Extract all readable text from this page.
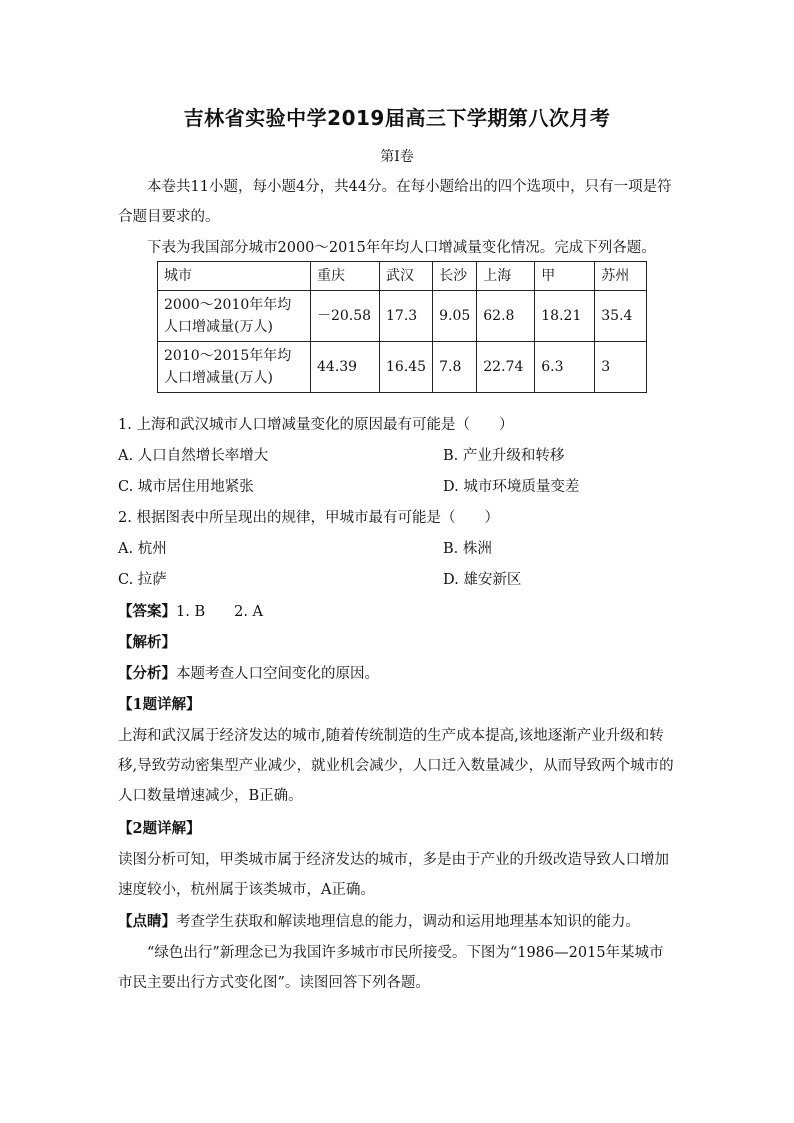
吉林省实验中学2019届高三下学期第八次月考
第I卷
本卷共11小题，每小题4分，共44分。在每小题给出的四个选项中，只有一项是符合题目要求的。
下表为我国部分城市2000～2015年年均人口增减量变化情况。完成下列各题。
城市	重庆	武汉	长沙	上海	甲	苏州
2000～2010年年均人口增减量(万人)	－20.58	17.3	9.05	62.8	18.21	35.4
2010～2015年年均人口增减量(万人)	44.39	16.45	7.8	22.74	6.3	3
1. 上海和武汉城市人口增减量变化的原因最有可能是（　　）
A. 人口自然增长率增大	B. 产业升级和转移
C. 城市居住用地紧张	D. 城市环境质量变差
2. 根据图表中所呈现出的规律，甲城市最有可能是（　　）
A. 杭州	B. 株洲
C. 拉萨	D. 雄安新区
【答案】1. B　　2. A
【解析】
【分析】本题考查人口空间变化的原因。
【1题详解】
上海和武汉属于经济发达的城市,随着传统制造的生产成本提高,该地逐渐产业升级和转移,导致劳动密集型产业减少，就业机会减少，人口迁入数量减少，从而导致两个城市的人口数量增速减少，B正确。
【2题详解】
读图分析可知，甲类城市属于经济发达的城市，多是由于产业的升级改造导致人口增加速度较小，杭州属于该类城市，A正确。
【点睛】考查学生获取和解读地理信息的能力，调动和运用地理基本知识的能力。
“绿色出行”新理念已为我国许多城市市民所接受。下图为“1986—2015年某城市市民主要出行方式变化图”。读图回答下列各题。
